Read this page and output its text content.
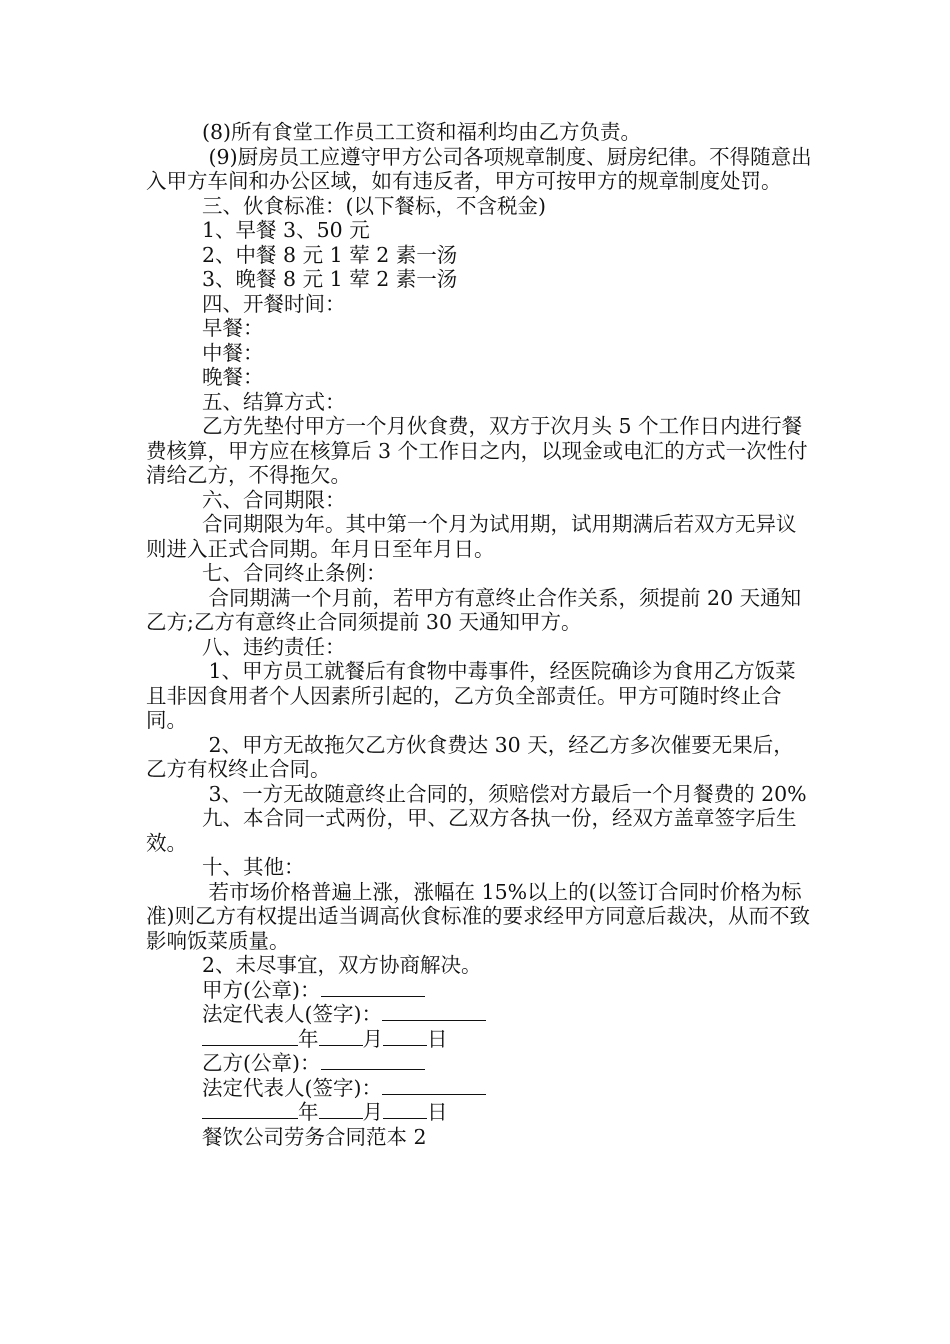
(8)所有食堂工作员工工资和福利均由乙方负责。

(9)厨房员工应遵守甲方公司各项规章制度、厨房纪律。不得随意出入甲方车间和办公区域，如有违反者，甲方可按甲方的规章制度处罚。

三、伙食标准：(以下餐标，不含税金)

1、早餐 3、50 元

2、中餐 8 元 1 荤 2 素一汤

3、晚餐 8 元 1 荤 2 素一汤

四、开餐时间：

早餐：

中餐：

晚餐：

五、结算方式：

乙方先垫付甲方一个月伙食费，双方于次月头 5 个工作日内进行餐费核算，甲方应在核算后 3 个工作日之内，以现金或电汇的方式一次性付清给乙方，不得拖欠。

六、合同期限：

合同期限为年。其中第一个月为试用期，试用期满后若双方无异议则进入正式合同期。年月日至年月日。

七、合同终止条例：

合同期满一个月前，若甲方有意终止合作关系，须提前 20 天通知乙方;乙方有意终止合同须提前 30 天通知甲方。

八、违约责任：

1、甲方员工就餐后有食物中毒事件，经医院确诊为食用乙方饭菜且非因食用者个人因素所引起的，乙方负全部责任。甲方可随时终止合同。

2、甲方无故拖欠乙方伙食费达 30 天，经乙方多次催要无果后，乙方有权终止合同。

3、一方无故随意终止合同的，须赔偿对方最后一个月餐费的 20%

九、本合同一式两份，甲、乙双方各执一份，经双方盖章签字后生效。

十、其他：

若市场价格普遍上涨，涨幅在 15%以上的(以签订合同时价格为标准)则乙方有权提出适当调高伙食标准的要求经甲方同意后裁决，从而不致影响饭菜质量。

2、未尽事宜，双方协商解决。

甲方(公章)：

法定代表人(签字)：

年 月 日

乙方(公章)：

法定代表人(签字)：

年 月 日

餐饮公司劳务合同范本 2
